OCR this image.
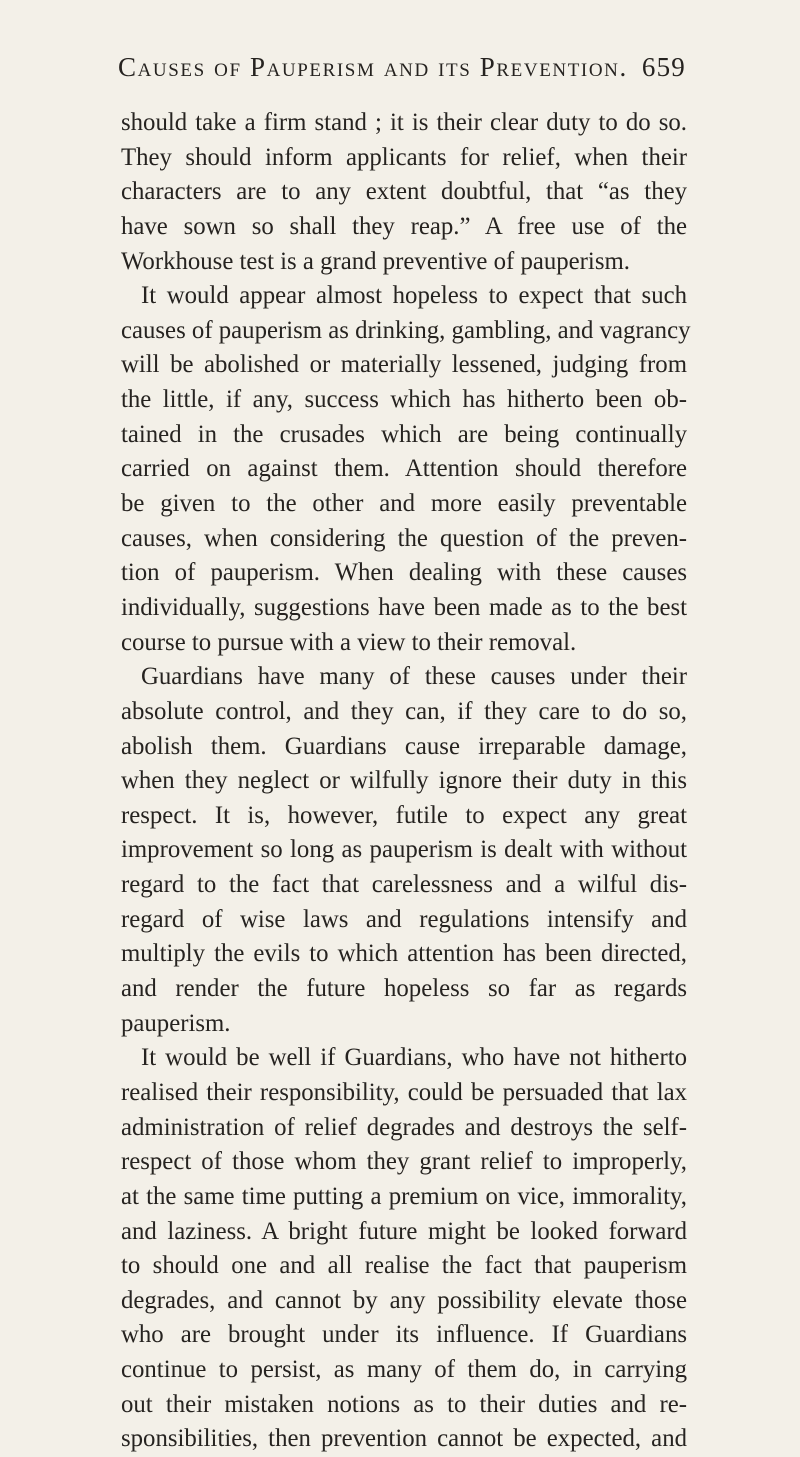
Causes of Pauperism and its Prevention. 659
should take a firm stand ; it is their clear duty to do so.
They should inform applicants for relief, when their
characters are to any extent doubtful, that “as they
have sown so shall they reap.” A free use of the
Workhouse test is a grand preventive of pauperism.
It would appear almost hopeless to expect that such
causes of pauperism as drinking, gambling, and vagrancy
will be abolished or materially lessened, judging from
the little, if any, success which has hitherto been ob-
tained in the crusades which are being continually
carried on against them. Attention should therefore
be given to the other and more easily preventable
causes, when considering the question of the preven-
tion of pauperism. When dealing with these causes
individually, suggestions have been made as to the best
course to pursue with a view to their removal.
Guardians have many of these causes under their
absolute control, and they can, if they care to do so,
abolish them. Guardians cause irreparable damage,
when they neglect or wilfully ignore their duty in this
respect. It is, however, futile to expect any great
improvement so long as pauperism is dealt with without
regard to the fact that carelessness and a wilful dis-
regard of wise laws and regulations intensify and
multiply the evils to which attention has been directed,
and render the future hopeless so far as regards
pauperism.
It would be well if Guardians, who have not hitherto
realised their responsibility, could be persuaded that lax
administration of relief degrades and destroys the self-
respect of those whom they grant relief to improperly,
at the same time putting a premium on vice, immorality,
and laziness. A bright future might be looked forward
to should one and all realise the fact that pauperism
degrades, and cannot by any possibility elevate those
who are brought under its influence. If Guardians
continue to persist, as many of them do, in carrying
out their mistaken notions as to their duties and re-
sponsibilities, then prevention cannot be expected, and
